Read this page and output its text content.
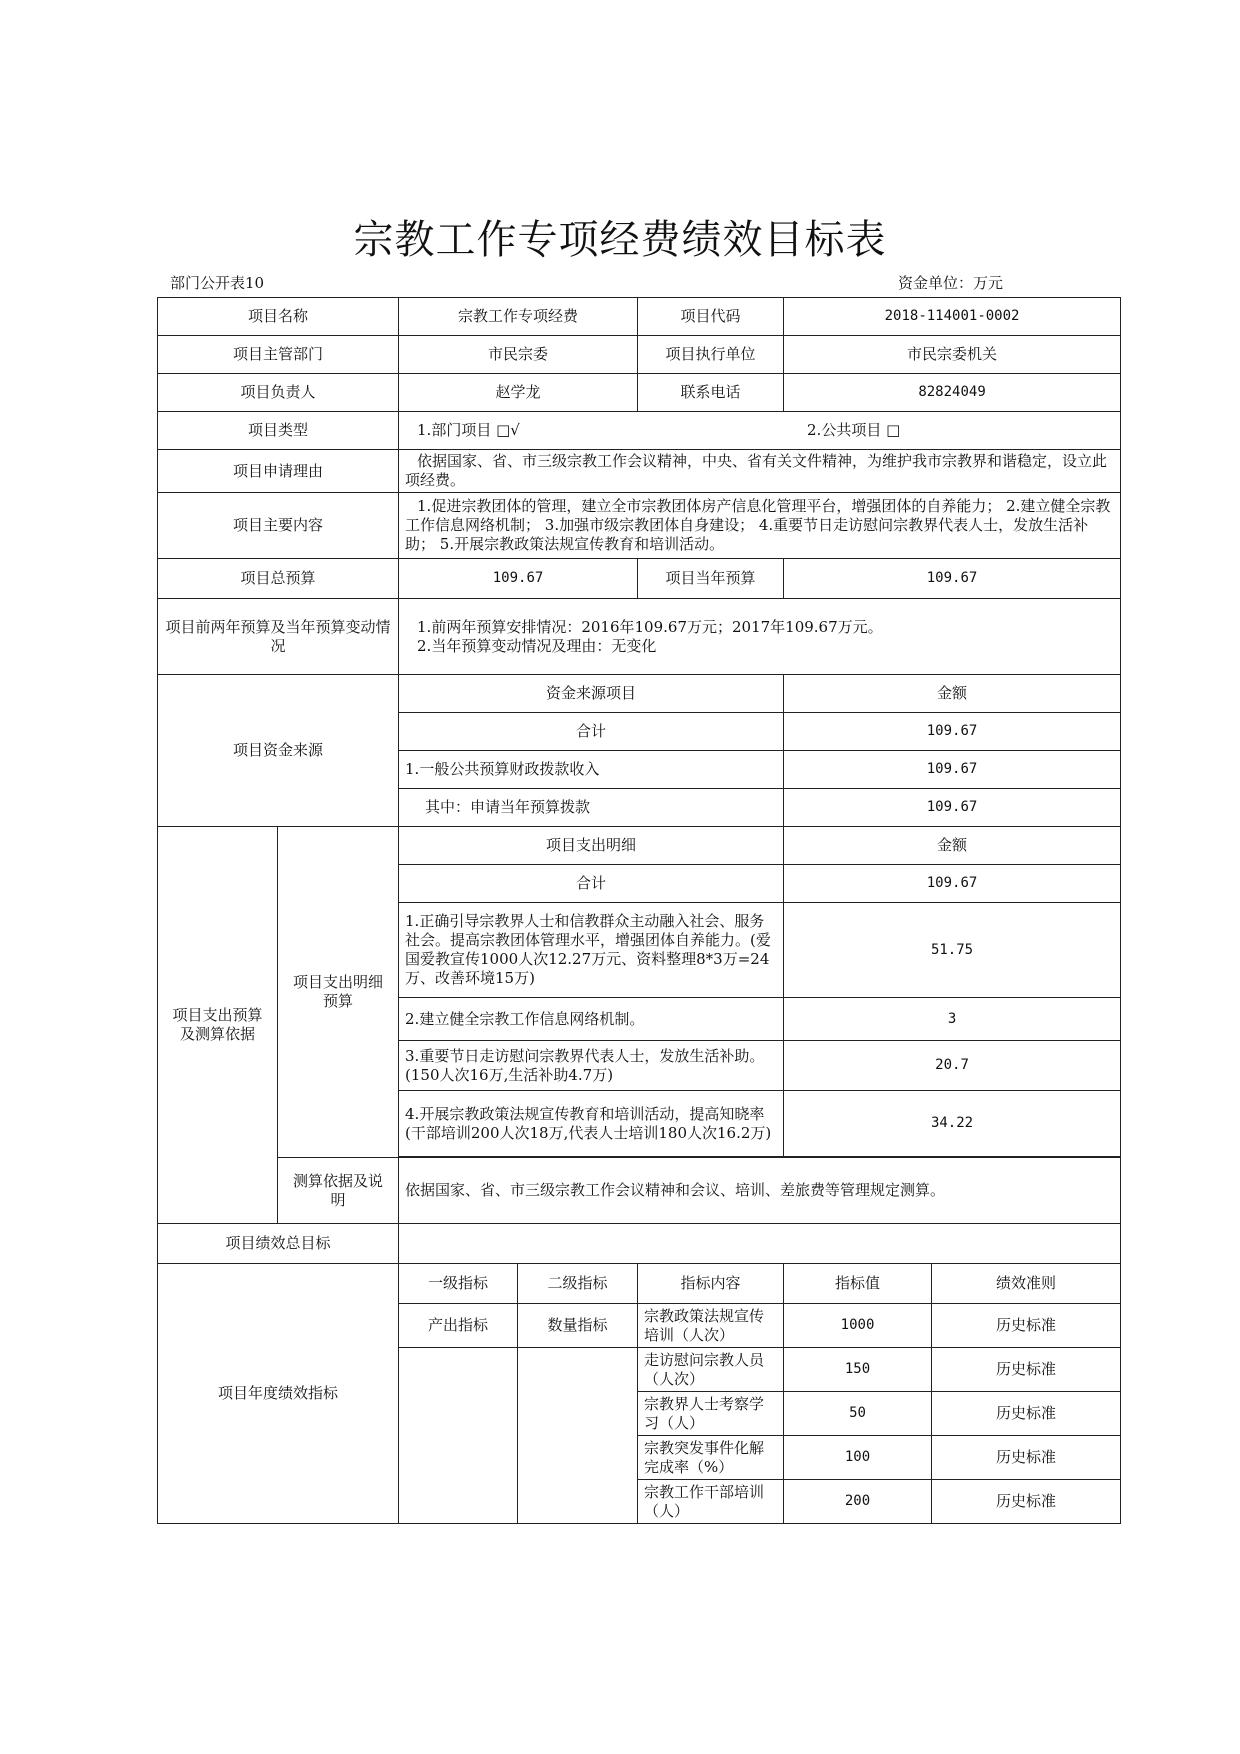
宗教工作专项经费绩效目标表
部门公开表10	资金单位：万元
项目名称		宗教工作专项经费		项目代码	2018-114001-0002	
项目主管部门		市民宗委		项目执行单位	市民宗委机关	
项目负责人		赵学龙		联系电话	82824049	
项目类型		1.部门项目 □√ 2.公共项目 □				

项目申请理由		依据国家、省、市三级宗教工作会议精神，中央、省有关文件精神，为维护我市宗教界和谐稳定，设立此项经费。				
项目主要内容		1.促进宗教团体的管理，建立全市宗教团体房产信息化管理平台，增强团体的自养能力； 2.建立健全宗教工作信息网络机制； 3.加强市级宗教团体自身建设； 4.重要节日走访慰问宗教界代表人士，发放生活补助； 5.开展宗教政策法规宣传教育和培训活动。				
项目总预算		109.67		项目当年预算	109.67	
项目前两年预算及当年预算变动情况		1.前两年预算安排情况：2016年109.67万元；2017年109.67万元。
2.当年预算变动情况及理由：无变化				

项目资金来源		资金来源项目			金额	
		合计			109.67	
		1.一般公共预算财政拨款收入			109.67	
		其中：申请当年预算拨款			109.67	
项目支出预算及测算依据	项目支出明细预算	项目支出明细			金额	
		合计			109.67	
		1.正确引导宗教界人士和信教群众主动融入社会、服务社会。提高宗教团体管理水平，增强团体自养能力。(爱国爱教宣传1000人次12.27万元、资料整理8*3万=24万、改善环境15万)			51.75	
		2.建立健全宗教工作信息网络机制。			3	
		3.重要节日走访慰问宗教界代表人士，发放生活补助。(150人次16万,生活补助4.7万)			20.7	
		4.开展宗教政策法规宣传教育和培训活动，提高知晓率(干部培训200人次18万,代表人士培训180人次16.2万)			34.22	

	测算依据及说明	依据国家、省、市三级宗教工作会议精神和会议、培训、差旅费等管理规定测算。				
项目绩效总目标						
项目年度绩效指标		一级指标	二级指标	指标内容	指标值	绩效准则
		产出指标	数量指标	宗教政策法规宣传培训（人次）	1000	历史标准
				走访慰问宗教人员（人次）	150	历史标准
				宗教界人士考察学习（人）	50	历史标准
				宗教突发事件化解完成率（%）	100	历史标准
				宗教工作干部培训（人）	200	历史标准
